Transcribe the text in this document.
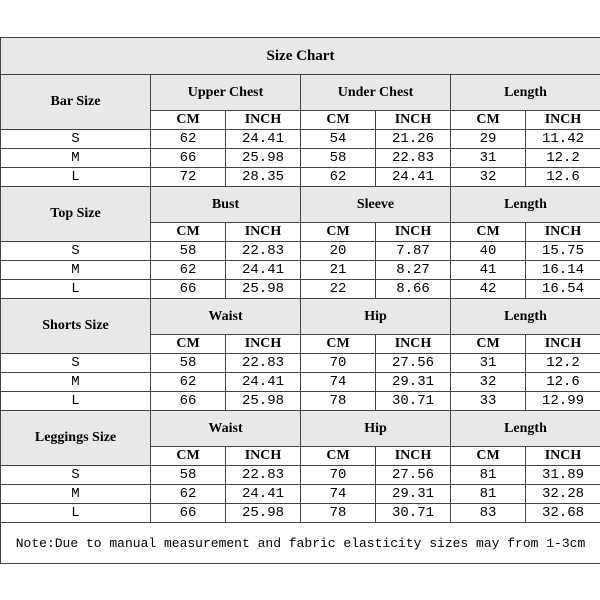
Size Chart						
Bar Size	Upper Chest		Under Chest		Length	
	CM	INCH	CM	INCH	CM	INCH
S	62	24.41	54	21.26	29	11.42
M	66	25.98	58	22.83	31	12.2
L	72	28.35	62	24.41	32	12.6
Top Size	Bust		Sleeve		Length	
	CM	INCH	CM	INCH	CM	INCH
S	58	22.83	20	7.87	40	15.75
M	62	24.41	21	8.27	41	16.14
L	66	25.98	22	8.66	42	16.54
Shorts Size	Waist		Hip		Length	
	CM	INCH	CM	INCH	CM	INCH
S	58	22.83	70	27.56	31	12.2
M	62	24.41	74	29.31	32	12.6
L	66	25.98	78	30.71	33	12.99
Leggings Size	Waist		Hip		Length	
	CM	INCH	CM	INCH	CM	INCH
S	58	22.83	70	27.56	81	31.89
M	62	24.41	74	29.31	81	32.28
L	66	25.98	78	30.71	83	32.68
Note:Due to manual measurement and fabric elasticity sizes may from 1-3cm						
